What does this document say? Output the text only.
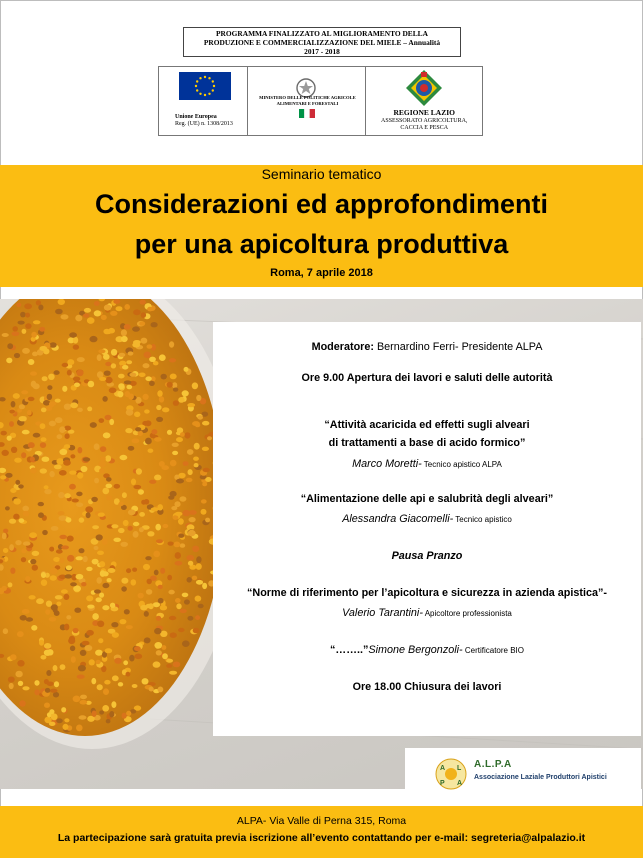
PROGRAMMA FINALIZZATO AL MIGLIORAMENTO DELLA
PRODUZIONE E COMMERCIALIZZAZIONE DEL MIELE – Annualità
2017 - 2018
Unione Europea
Reg. (UE) n. 1308/2013
MINISTERO DELLE POLITICHE AGRICOLE
ALIMENTARI E FORESTALI
REGIONE LAZIO
ASSESSORATO AGRICOLTURA,
CACCIA E PESCA
Seminario tematico
Considerazioni ed approfondimenti
per una apicoltura produttiva
Roma, 7 aprile 2018
Moderatore: Bernardino Ferri- Presidente ALPA
Ore 9.00 Apertura dei lavori e saluti delle autorità
“Attività acaricida ed effetti sugli alveari
di trattamenti a base di acido formico”
Marco Moretti- Tecnico apistico ALPA
“Alimentazione delle api e salubrità degli alveari”
Alessandra Giacomelli- Tecnico apistico
Pausa Pranzo
“Norme di riferimento per l’apicoltura e sicurezza in azienda apistica”-
Valerio Tarantini- Apicoltore professionista
“……..”Simone Bergonzoli- Certificatore BIO
Ore 18.00 Chiusura dei lavori
A L
P A
A.L.P.A
Associazione Laziale Produttori Apistici
ALPA- Via Valle di Perna 315, Roma
La partecipazione sarà gratuita previa iscrizione all’evento contattando per e-mail: segreteria@alpalazio.it
